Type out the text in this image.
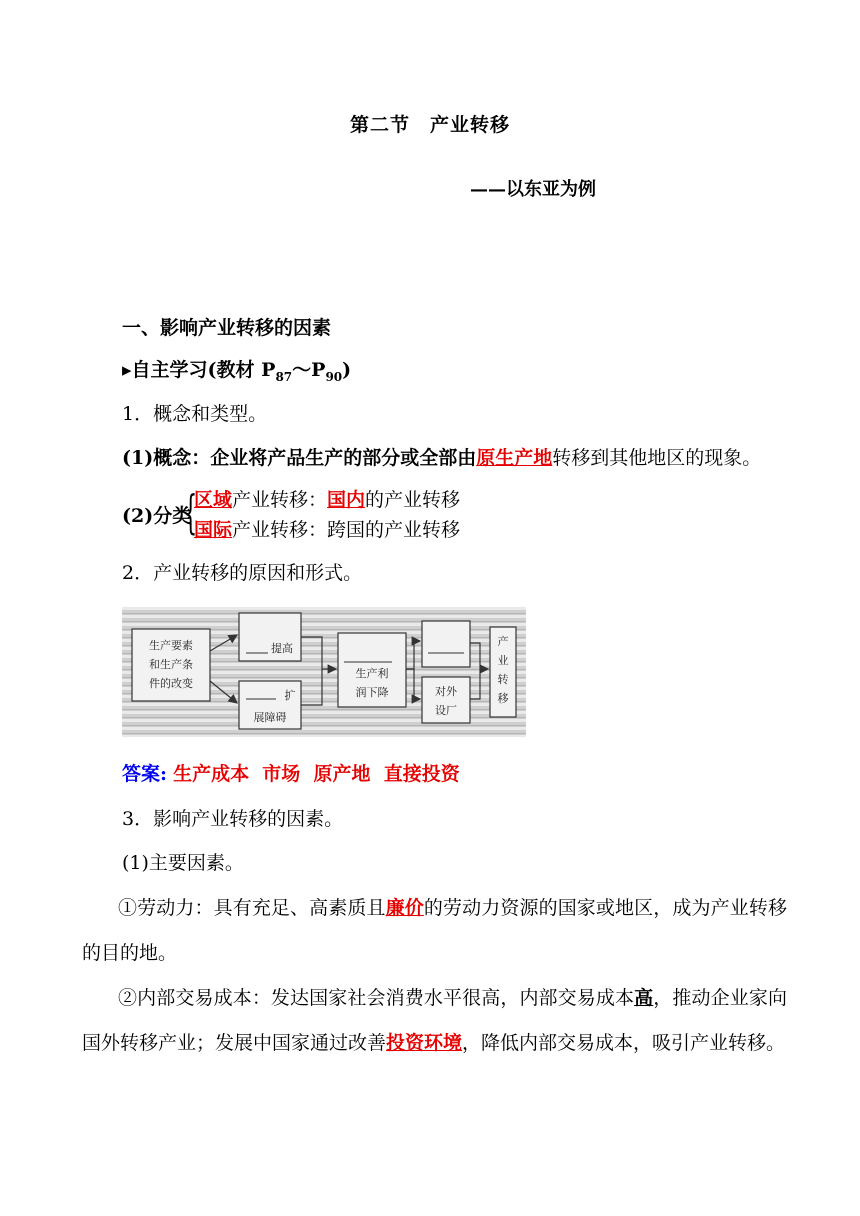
第二节　产业转移
——以东亚为例
一、影响产业转移的因素
▸自主学习(教材 $P_{87}\sim P_{90}$)
1．概念和类型。
(1)概念：企业将产品生产的部分或全部由原生产地转移到其他地区的现象。
(2)分类
{
区域产业转移：国内的产业转移
国际产业转移：跨国的产业转移
2．产业转移的原因和形式。
生产要素
和生产条
件的改变
提高
扩
展障碍
生产利
润下降	对外
设厂
产
业
转
移
答案: 生产成本  市场  原产地  直接投资
3．影响产业转移的因素。
(1)主要因素。
①劳动力：具有充足、高素质且廉价的劳动力资源的国家或地区，成为产业转移的目的地。
②内部交易成本：发达国家社会消费水平很高，内部交易成本高，推动企业家向国外转移产业；发展中国家通过改善投资环境，降低内部交易成本，吸引产业转移。
